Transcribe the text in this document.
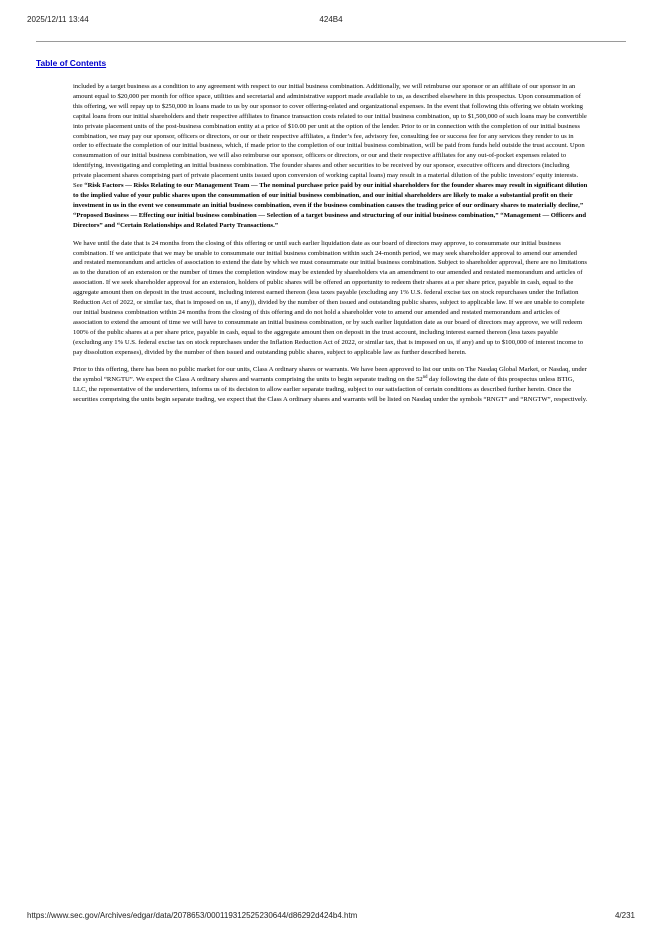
2025/12/11 13:44	424B4
Table of Contents

included by a target business as a condition to any agreement with respect to our initial business combination. Additionally, we will reimburse our sponsor or an affiliate of our sponsor in an amount equal to $20,000 per month for office space, utilities and secretarial and administrative support made available to us, as described elsewhere in this prospectus. Upon consummation of this offering, we will repay up to $250,000 in loans made to us by our sponsor to cover offering-related and organizational expenses. In the event that following this offering we obtain working capital loans from our initial shareholders and their respective affiliates to finance transaction costs related to our initial business combination, up to $1,500,000 of such loans may be convertible into private placement units of the post-business combination entity at a price of $10.00 per unit at the option of the lender. Prior to or in connection with the completion of our initial business combination, we may pay our sponsor, officers or directors, or our or their respective affiliates, a finder’s fee, advisory fee, consulting fee or success fee for any services they render to us in order to effectuate the completion of our initial business, which, if made prior to the completion of our initial business combination, will be paid from funds held outside the trust account. Upon consummation of our initial business combination, we will also reimburse our sponsor, officers or directors, or our and their respective affiliates for any out-of-pocket expenses related to identifying, investigating and completing an initial business combination. The founder shares and other securities to be received by our sponsor, executive officers and directors (including private placement shares comprising part of private placement units issued upon conversion of working capital loans) may result in a material dilution of the public investors’ equity interests. See “Risk Factors — Risks Relating to our Management Team — The nominal purchase price paid by our initial shareholders for the founder shares may result in significant dilution to the implied value of your public shares upon the consummation of our initial business combination, and our initial shareholders are likely to make a substantial profit on their investment in us in the event we consummate an initial business combination, even if the business combination causes the trading price of our ordinary shares to materially decline,” “Proposed Business — Effecting our initial business combination — Selection of a target business and structuring of our initial business combination,” “Management — Officers and Directors” and “Certain Relationships and Related Party Transactions.”

We have until the date that is 24 months from the closing of this offering or until such earlier liquidation date as our board of directors may approve, to consummate our initial business combination. If we anticipate that we may be unable to consummate our initial business combination within such 24-month period, we may seek shareholder approval to amend our amended and restated memorandum and articles of association to extend the date by which we must consummate our initial business combination. Subject to shareholder approval, there are no limitations as to the duration of an extension or the number of times the completion window may be extended by shareholders via an amendment to our amended and restated memorandum and articles of association. If we seek shareholder approval for an extension, holders of public shares will be offered an opportunity to redeem their shares at a per share price, payable in cash, equal to the aggregate amount then on deposit in the trust account, including interest earned thereon (less taxes payable (excluding any 1% U.S. federal excise tax on stock repurchases under the Inflation Reduction Act of 2022, or similar tax, that is imposed on us, if any)), divided by the number of then issued and outstanding public shares, subject to applicable law. If we are unable to complete our initial business combination within 24 months from the closing of this offering and do not hold a shareholder vote to amend our amended and restated memorandum and articles of association to extend the amount of time we will have to consummate an initial business combination, or by such earlier liquidation date as our board of directors may approve, we will redeem 100% of the public shares at a per share price, payable in cash, equal to the aggregate amount then on deposit in the trust account, including interest earned thereon (less taxes payable (excluding any 1% U.S. federal excise tax on stock repurchases under the Inflation Reduction Act of 2022, or similar tax, that is imposed on us, if any) and up to $100,000 of interest income to pay dissolution expenses), divided by the number of then issued and outstanding public shares, subject to applicable law as further described herein.

Prior to this offering, there has been no public market for our units, Class A ordinary shares or warrants. We have been approved to list our units on The Nasdaq Global Market, or Nasdaq, under the symbol “RNGTU”. We expect the Class A ordinary shares and warrants comprising the units to begin separate trading on the 52nd day following the date of this prospectus unless BTIG, LLC, the representative of the underwriters, informs us of its decision to allow earlier separate trading, subject to our satisfaction of certain conditions as described further herein. Once the securities comprising the units begin separate trading, we expect that the Class A ordinary shares and warrants will be listed on Nasdaq under the symbols “RNGT” and “RNGTW”, respectively.

https://www.sec.gov/Archives/edgar/data/2078653/000119312525230644/d86292d424b4.htm	4/231
